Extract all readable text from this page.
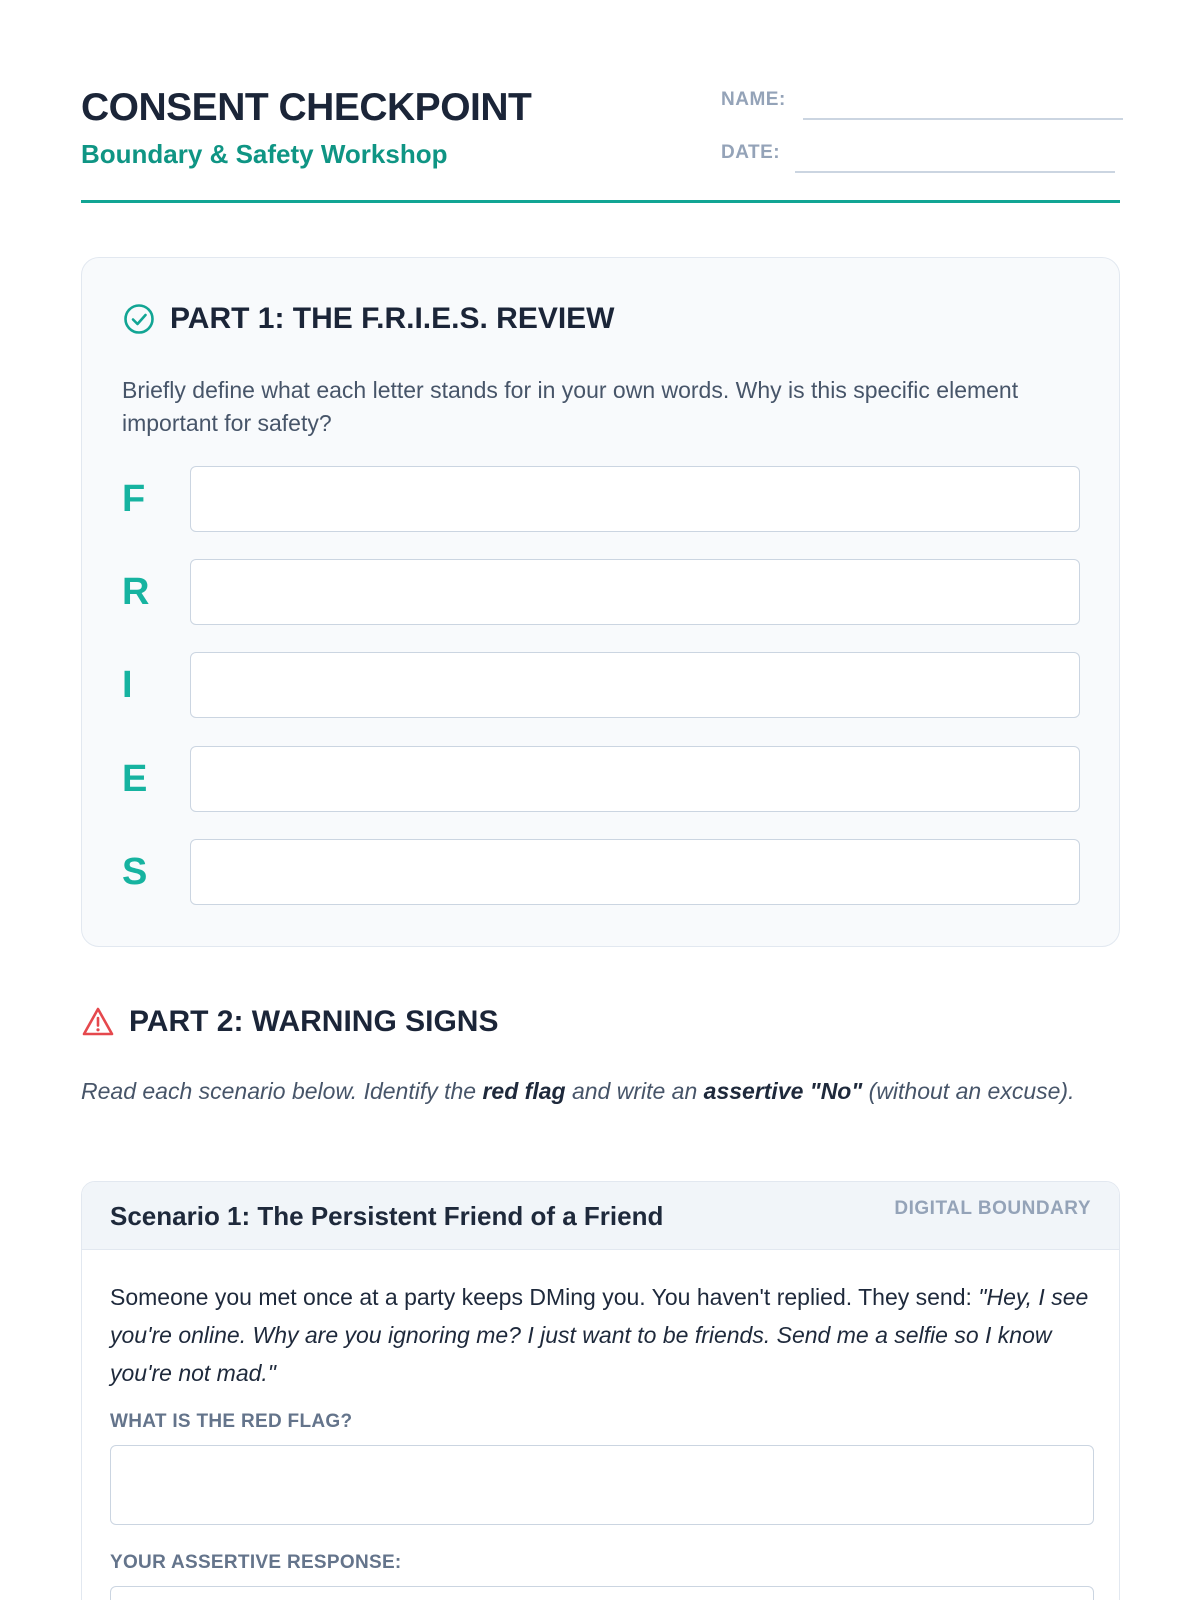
CONSENT CHECKPOINT
Boundary & Safety Workshop
NAME:
DATE:
PART 1: THE F.R.I.E.S. REVIEW
Briefly define what each letter stands for in your own words. Why is this specific element important for safety?
F
R
I
E
S
PART 2: WARNING SIGNS
Read each scenario below. Identify the red flag and write an assertive "No" (without an excuse).
Scenario 1: The Persistent Friend of a Friend	DIGITAL BOUNDARY
Someone you met once at a party keeps DMing you. You haven't replied. They send: "Hey, I see you're online. Why are you ignoring me? I just want to be friends. Send me a selfie so I know you're not mad."
WHAT IS THE RED FLAG?
YOUR ASSERTIVE RESPONSE:
